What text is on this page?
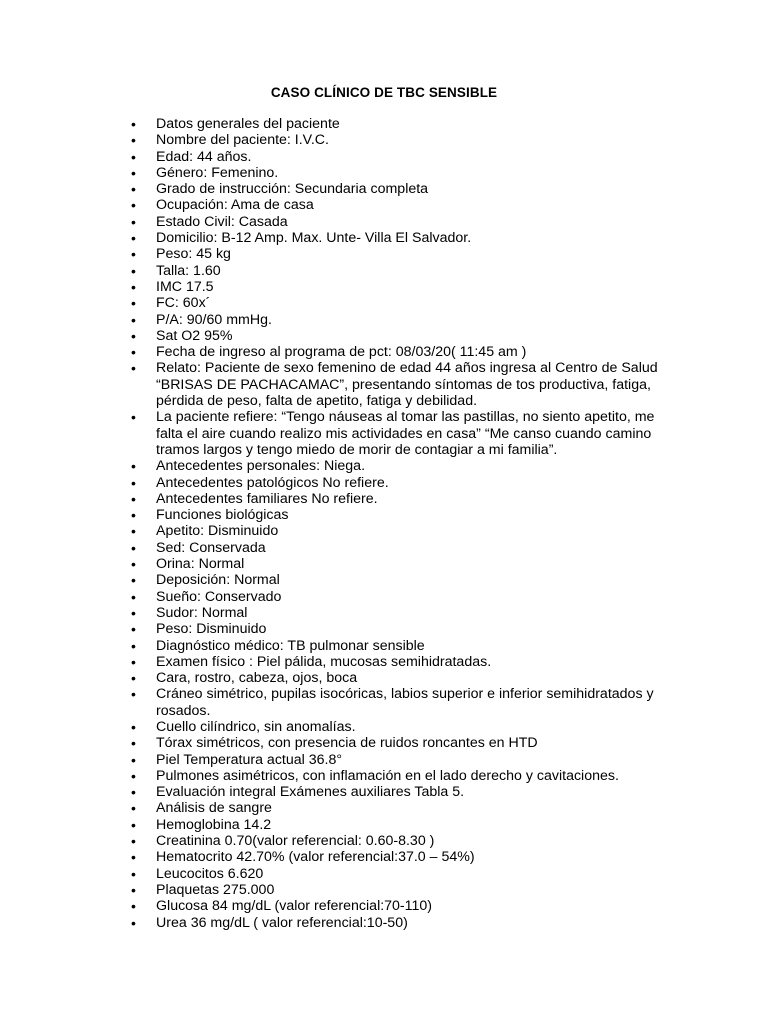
CASO CLÍNICO DE TBC SENSIBLE
• Datos generales del paciente
• Nombre del paciente: I.V.C.
• Edad: 44 años.
• Género: Femenino.
• Grado de instrucción: Secundaria completa
• Ocupación: Ama de casa
• Estado Civil: Casada
• Domicilio: B-12 Amp. Max. Unte- Villa El Salvador.
• Peso: 45 kg
• Talla: 1.60
• IMC 17.5
• FC: 60x´
• P/A: 90/60 mmHg.
• Sat O2 95%
• Fecha de ingreso al programa de pct: 08/03/20( 11:45 am )
• Relato: Paciente de sexo femenino de edad 44 años ingresa al Centro de Salud “BRISAS DE PACHACAMAC”, presentando síntomas de tos productiva, fatiga, pérdida de peso, falta de apetito, fatiga y debilidad.
• La paciente refiere: “Tengo náuseas al tomar las pastillas, no siento apetito, me falta el aire cuando realizo mis actividades en casa” “Me canso cuando camino tramos largos y tengo miedo de morir de contagiar a mi familia”.
• Antecedentes personales: Niega.
• Antecedentes patológicos No refiere.
• Antecedentes familiares No refiere.
• Funciones biológicas
• Apetito: Disminuido
• Sed: Conservada
• Orina: Normal
• Deposición: Normal
• Sueño: Conservado
• Sudor: Normal
• Peso: Disminuido
• Diagnóstico médico: TB pulmonar sensible
• Examen físico : Piel pálida, mucosas semihidratadas.
• Cara, rostro, cabeza, ojos, boca
• Cráneo simétrico, pupilas isocóricas, labios superior e inferior semihidratados y rosados.
• Cuello cilíndrico, sin anomalías.
• Tórax simétricos, con presencia de ruidos roncantes en HTD
• Piel Temperatura actual 36.8°
• Pulmones asimétricos, con inflamación en el lado derecho y cavitaciones.
• Evaluación integral Exámenes auxiliares Tabla 5.
• Análisis de sangre
• Hemoglobina 14.2
• Creatinina 0.70(valor referencial: 0.60-8.30 )
• Hematocrito 42.70% (valor referencial:37.0 – 54%)
• Leucocitos 6.620
• Plaquetas 275.000
• Glucosa 84 mg/dL (valor referencial:70-110)
• Urea 36 mg/dL ( valor referencial:10-50)
